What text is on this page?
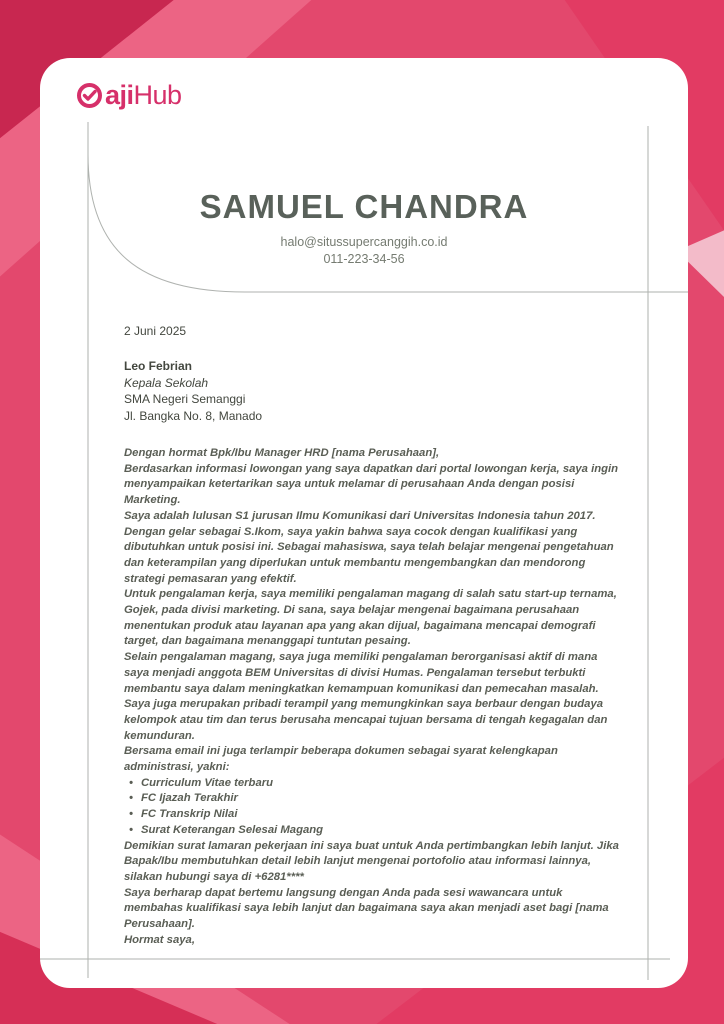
aji Hub
SAMUEL CHANDRA
halo@situssupercanggih.co.id
011-223-34-56

2 Juni 2025

Leo Febrian
Kepala Sekolah
SMA Negeri Semanggi
Jl. Bangka No. 8, Manado

Dengan hormat Bpk/Ibu Manager HRD [nama Perusahaan],

Berdasarkan informasi lowongan yang saya dapatkan dari portal lowongan kerja, saya ingin menyampaikan ketertarikan saya untuk melamar di perusahaan Anda dengan posisi Marketing.

Saya adalah lulusan S1 jurusan Ilmu Komunikasi dari Universitas Indonesia tahun 2017. Dengan gelar sebagai S.Ikom, saya yakin bahwa saya cocok dengan kualifikasi yang dibutuhkan untuk posisi ini. Sebagai mahasiswa, saya telah belajar mengenai pengetahuan dan keterampilan yang diperlukan untuk membantu mengembangkan dan mendorong strategi pemasaran yang efektif.

Untuk pengalaman kerja, saya memiliki pengalaman magang di salah satu start-up ternama, Gojek, pada divisi marketing. Di sana, saya belajar mengenai bagaimana perusahaan menentukan produk atau layanan apa yang akan dijual, bagaimana mencapai demografi target, dan bagaimana menanggapi tuntutan pesaing.

Selain pengalaman magang, saya juga memiliki pengalaman berorganisasi aktif di mana saya menjadi anggota BEM Universitas di divisi Humas. Pengalaman tersebut terbukti membantu saya dalam meningkatkan kemampuan komunikasi dan pemecahan masalah.

Saya juga merupakan pribadi terampil yang memungkinkan saya berbaur dengan budaya kelompok atau tim dan terus berusaha mencapai tujuan bersama di tengah kegagalan dan kemunduran.

Bersama email ini juga terlampir beberapa dokumen sebagai syarat kelengkapan administrasi, yakni:

• Curriculum Vitae terbaru
• FC Ijazah Terakhir
• FC Transkrip Nilai
• Surat Keterangan Selesai Magang

Demikian surat lamaran pekerjaan ini saya buat untuk Anda pertimbangkan lebih lanjut. Jika Bapak/Ibu membutuhkan detail lebih lanjut mengenai portofolio atau informasi lainnya, silakan hubungi saya di +6281****

Saya berharap dapat bertemu langsung dengan Anda pada sesi wawancara untuk membahas kualifikasi saya lebih lanjut dan bagaimana saya akan menjadi aset bagi [nama Perusahaan].

Hormat saya,
